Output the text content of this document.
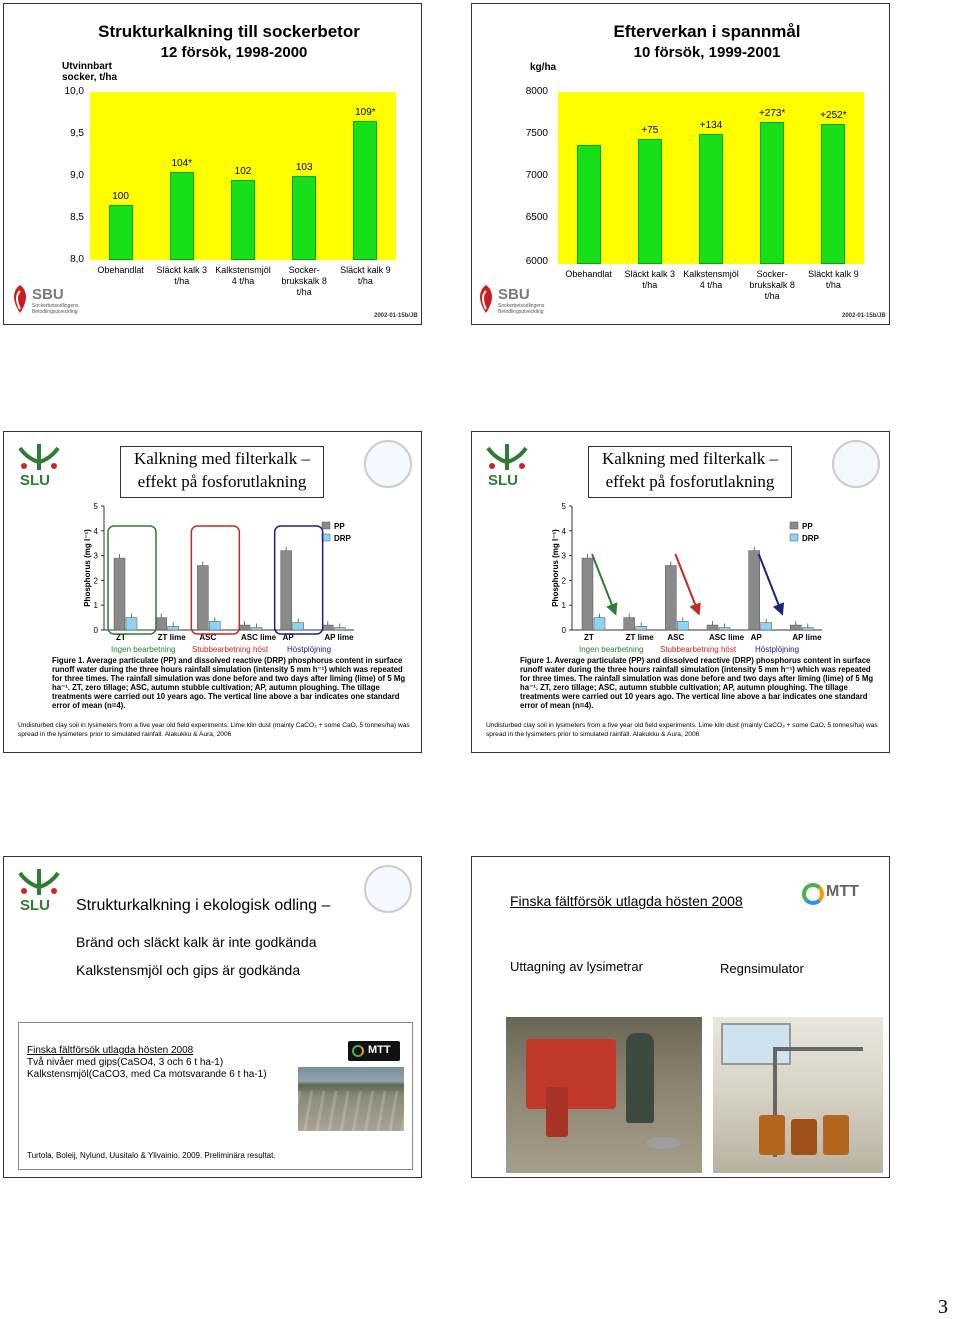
Strukturkalkning till sockerbetor
12 försök, 1998-2000
Utvinnbart socker, t/ha
10,0
9,5
9,0
8,5
8,0
Obehandlat	Släckt kalk 3 t/ha
Kalkstensmjöl 4 t/ha
Socker-brukskalk 8 t/ha
Släckt kalk 9 t/ha
2002-01-15b/JB
SBU
Sockerbetsodlingens Betodlingsutveckling
100
104*
102	103
109*
Efterverkan i spannmål
10 försök, 1999-2001
kg/ha
8000
7500
7000
6500
6000
Obehandlat	Släckt kalk 3 t/ha
Kalkstensmjöl 4 t/ha
Socker-brukskalk 8 t/ha
Släckt kalk 9 t/ha
2002-01-15b/JB
SBU
Sockerbetsodlingens Betodlingsutveckling
+75	+134
+273*	+252*
SLU
Kalkning med filterkalk –
effekt på fosforutlakning
0
1
2
3
4
5
Phosphorus (mg l⁻¹)
ZT	ZT lime ASC	ASC lime AP	AP lime
PP
DRP
Ingen bearbetning Stubbearbetning höst Höstplöjning
Figure 1. Average particulate (PP) and dissolved reactive (DRP) phosphorus content in surface runoff water during the three hours rainfall simulation (intensity 5 mm h⁻¹) which was repeated for three times. The rainfall simulation was done before and two days after liming (lime) of 5 Mg ha⁻¹. ZT, zero tillage; ASC, autumn stubble cultivation; AP, autumn ploughing. The tillage treatments were carried out 10 years ago. The vertical line above a bar indicates one standard error of mean (n=4).
Undisturbed clay soil in lysimeters from a five year old field experiments. Lime kiln dust (mainly CaCO₃ + some CaO, 5 tonnes/ha) was spread in the lysimeters prior to simulated rainfall. Alakukku & Aura, 2006
SLU
Kalkning med filterkalk –
effekt på fosforutlakning
0
1
2
3
4
5
Phosphorus (mg l⁻¹)
ZT	ZT lime ASC	ASC lime AP	AP lime
PP
DRP
Ingen bearbetning Stubbearbetning höst Höstplöjning
Figure 1. Average particulate (PP) and dissolved reactive (DRP) phosphorus content in surface runoff water during the three hours rainfall simulation (intensity 5 mm h⁻¹) which was repeated for three times. The rainfall simulation was done before and two days after liming (lime) of 5 Mg ha⁻¹. ZT, zero tillage; ASC, autumn stubble cultivation; AP, autumn ploughing. The tillage treatments were carried out 10 years ago. The vertical line above a bar indicates one standard error of mean (n=4).
Undisturbed clay soil in lysimeters from a five year old field experiments. Lime kiln dust (mainly CaCO₃ + some CaO, 5 tonnes/ha) was spread in the lysimeters prior to simulated rainfall. Alakukku & Aura, 2006
SLU Strukturkalkning i ekologisk odling –
Bränd och släckt kalk är inte godkända
Kalkstensmjöl och gips är godkända
Finska fältförsök utlagda hösten 2008
Två nivåer med gips(CaSO4, 3 och 6 t ha-1)
Kalkstensmjöl(CaCO3, med Ca motsvarande 6 t ha-1)
MTT
Turtola, Boleij, Nylund, Uusitalo & Ylivainio. 2009. Preliminära resultat.
Finska fältförsök utlagda hösten 2008
MTT
Uttagning av lysimetrar	Regnsimulator
3
